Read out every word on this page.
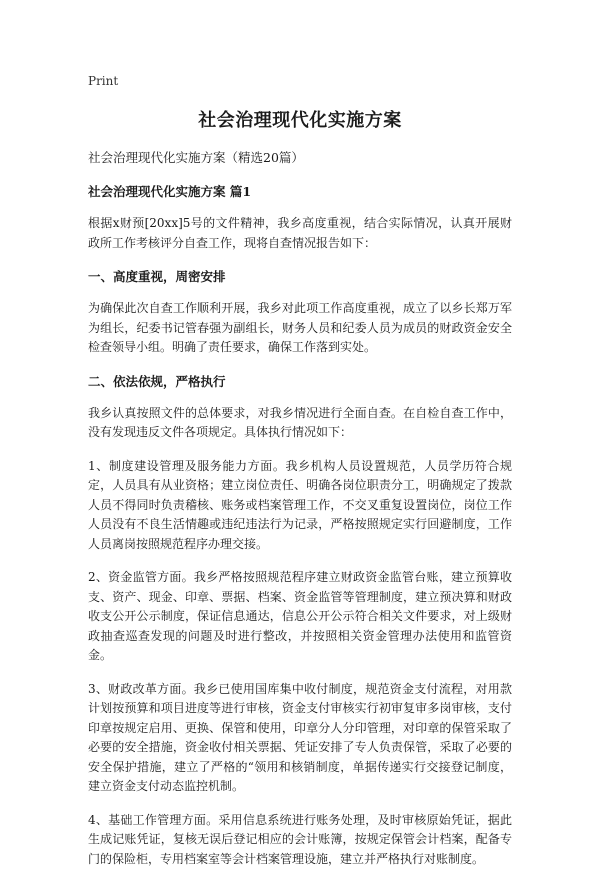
Print
社会治理现代化实施方案

社会治理现代化实施方案（精选20篇）

社会治理现代化实施方案 篇1

根据x财预[20xx]5号的文件精神，我乡高度重视，结合实际情况，认真开展财政所工作考核评分自查工作，现将自查情况报告如下：

一、高度重视，周密安排

为确保此次自查工作顺利开展，我乡对此项工作高度重视，成立了以乡长郑万军为组长，纪委书记管春强为副组长，财务人员和纪委人员为成员的财政资金安全检查领导小组。明确了责任要求，确保工作落到实处。

二、依法依规，严格执行

我乡认真按照文件的总体要求，对我乡情况进行全面自查。在自检自查工作中，没有发现违反文件各项规定。具体执行情况如下：

1、制度建设管理及服务能力方面。我乡机构人员设置规范，人员学历符合规定，人员具有从业资格；建立岗位责任、明确各岗位职责分工，明确规定了拨款人员不得同时负责稽核、账务或档案管理工作，不交叉重复设置岗位，岗位工作人员没有不良生活情趣或违纪违法行为记录，严格按照规定实行回避制度，工作人员离岗按照规范程序办理交接。

2、资金监管方面。我乡严格按照规范程序建立财政资金监管台账，建立预算收支、资产、现金、印章、票据、档案、资金监管等管理制度，建立预决算和财政收支公开公示制度，保证信息通达，信息公开公示符合相关文件要求，对上级财政抽查巡查发现的问题及时进行整改，并按照相关资金管理办法使用和监管资金。

3、财政改革方面。我乡已使用国库集中收付制度，规范资金支付流程，对用款计划按预算和项目进度等进行审核，资金支付审核实行初审复审多岗审核，支付印章按规定启用、更换、保管和使用，印章分人分印管理，对印章的保管采取了必要的安全措施，资金收付相关票据、凭证安排了专人负责保管，采取了必要的安全保护措施，建立了严格的“领用和核销制度，单据传递实行交接登记制度，建立资金支付动态监控机制。

4、基础工作管理方面。采用信息系统进行账务处理，及时审核原始凭证，据此生成记账凭证，复核无误后登记相应的会计账簿，按规定保管会计档案，配备专门的保险柜，专用档案室等会计档案管理设施，建立并严格执行对账制度。
